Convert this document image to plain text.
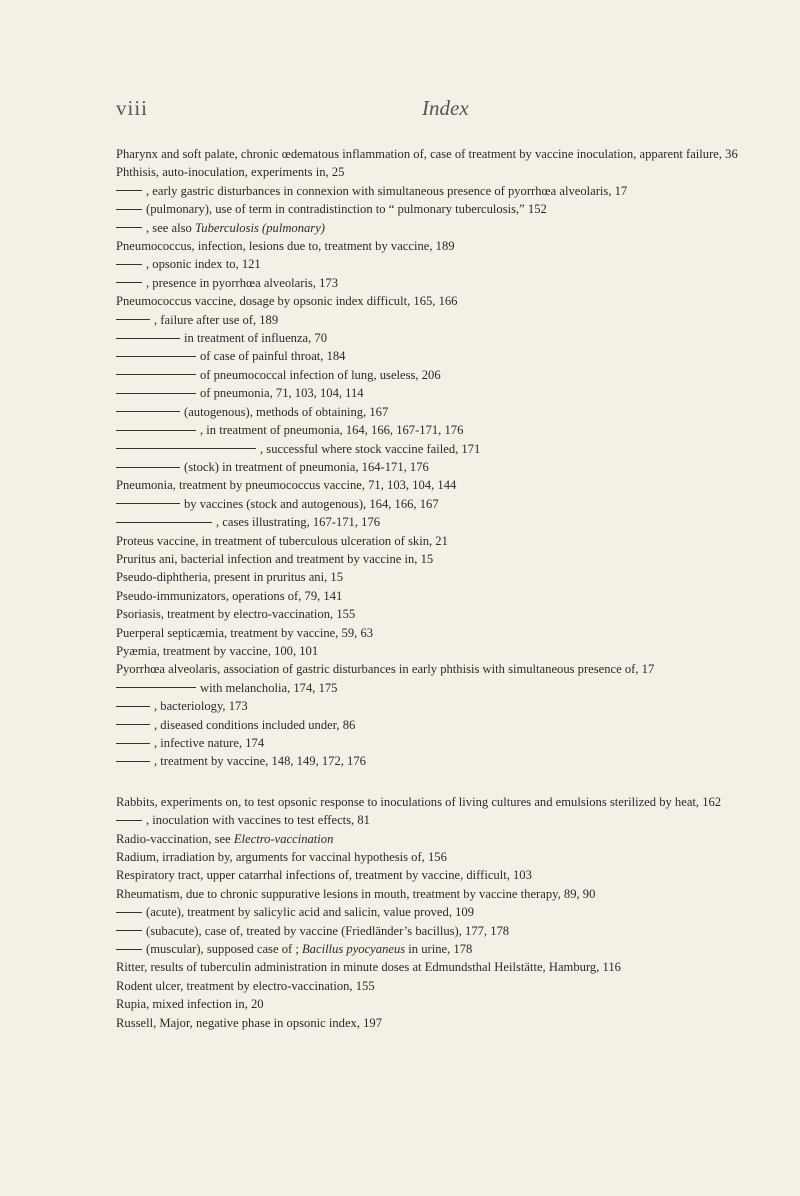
viii	Index

Pharynx and soft palate, chronic œdematous inflammation of, case of treatment by vaccine inoculation, apparent failure, 36

Phthisis, auto-inoculation, experiments in, 25

, early gastric disturbances in connexion with simultaneous presence of pyorrhœa alveolaris, 17

(pulmonary), use of term in contradistinction to “ pulmonary tuberculosis,” 152

, see also Tuberculosis (pulmonary)

Pneumococcus, infection, lesions due to, treatment by vaccine, 189

, opsonic index to, 121

, presence in pyorrhœa alveolaris, 173

Pneumococcus vaccine, dosage by opsonic index difficult, 165, 166

, failure after use of, 189

in treatment of influenza, 70

of case of painful throat, 184

of pneumococcal infection of lung, useless, 206

of pneumonia, 71, 103, 104, 114

(autogenous), methods of obtaining, 167

, in treatment of pneumonia, 164, 166, 167-171, 176

, successful where stock vaccine failed, 171

(stock) in treatment of pneumonia, 164-171, 176

Pneumonia, treatment by pneumococcus vaccine, 71, 103, 104, 144

by vaccines (stock and autogenous), 164, 166, 167

, cases illustrating, 167-171, 176

Proteus vaccine, in treatment of tuberculous ulceration of skin, 21

Pruritus ani, bacterial infection and treatment by vaccine in, 15

Pseudo-diphtheria, present in pruritus ani, 15

Pseudo-immunizators, operations of, 79, 141

Psoriasis, treatment by electro-vaccination, 155

Puerperal septicæmia, treatment by vaccine, 59, 63

Pyæmia, treatment by vaccine, 100, 101

Pyorrhœa alveolaris, association of gastric disturbances in early phthisis with simultaneous presence of, 17

with melancholia, 174, 175

, bacteriology, 173

, diseased conditions included under, 86

, infective nature, 174

, treatment by vaccine, 148, 149, 172, 176

Rabbits, experiments on, to test opsonic response to inoculations of living cultures and emulsions sterilized by heat, 162

, inoculation with vaccines to test effects, 81

Radio-vaccination, see Electro-vaccination

Radium, irradiation by, arguments for vaccinal hypothesis of, 156

Respiratory tract, upper catarrhal infections of, treatment by vaccine, difficult, 103

Rheumatism, due to chronic suppurative lesions in mouth, treatment by vaccine therapy, 89, 90

(acute), treatment by salicylic acid and salicin, value proved, 109

(subacute), case of, treated by vaccine (Friedländer’s bacillus), 177, 178

(muscular), supposed case of ; Bacillus pyocyaneus in urine, 178

Ritter, results of tuberculin administration in minute doses at Edmundsthal Heilstätte, Hamburg, 116

Rodent ulcer, treatment by electro-vaccination, 155

Rupia, mixed infection in, 20

Russell, Major, negative phase in opsonic index, 197
